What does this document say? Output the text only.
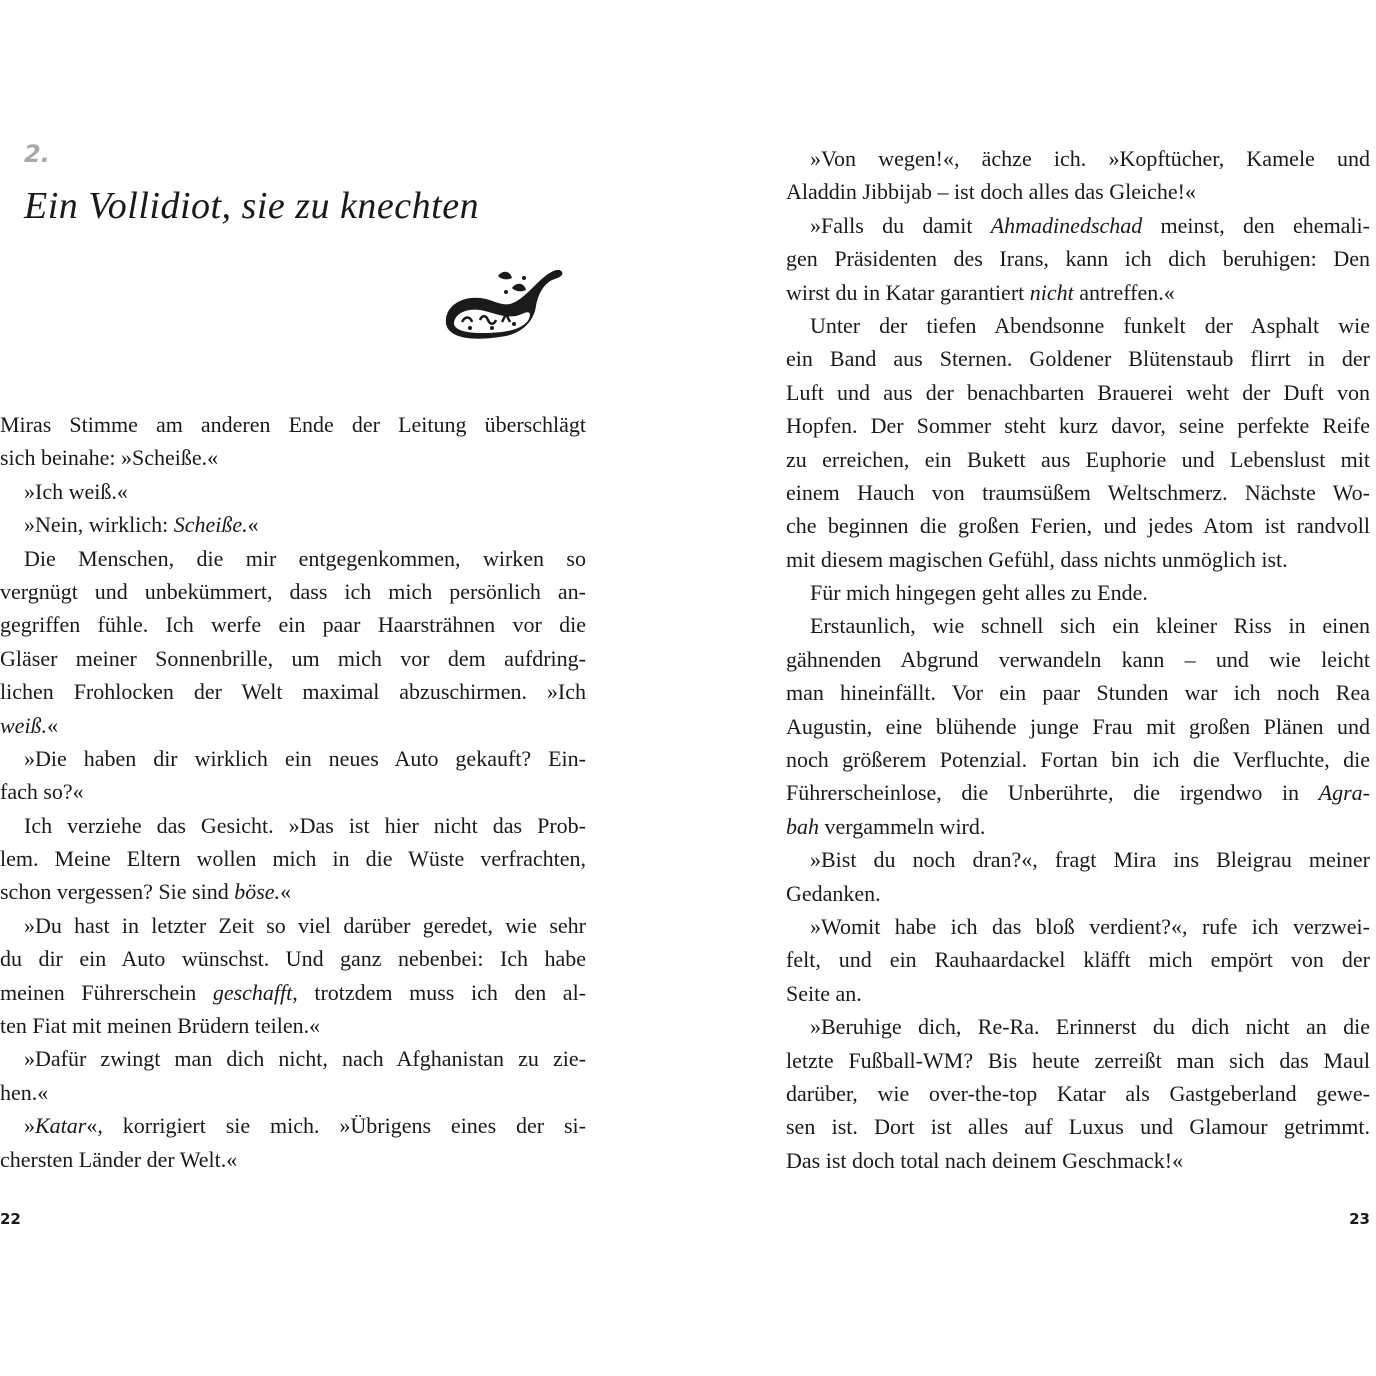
2.
Ein Vollidiot, sie zu knechten
Miras Stimme am anderen Ende der Leitung überschlägt
sich beinahe: »Scheiße.«
»Ich weiß.«
»Nein, wirklich: Scheiße.«
Die Menschen, die mir entgegenkommen, wirken so
vergnügt und unbekümmert, dass ich mich persönlich an-
gegriffen fühle. Ich werfe ein paar Haarsträhnen vor die
Gläser meiner Sonnenbrille, um mich vor dem aufdring-
lichen Frohlocken der Welt maximal abzuschirmen. »Ich
weiß.«
»Die haben dir wirklich ein neues Auto gekauft? Ein-
fach so?«
Ich verziehe das Gesicht. »Das ist hier nicht das Prob-
lem. Meine Eltern wollen mich in die Wüste verfrachten,
schon vergessen? Sie sind böse.«
»Du hast in letzter Zeit so viel darüber geredet, wie sehr
du dir ein Auto wünschst. Und ganz nebenbei: Ich habe
meinen Führerschein geschafft, trotzdem muss ich den al-
ten Fiat mit meinen Brüdern teilen.«
»Dafür zwingt man dich nicht, nach Afghanistan zu zie-
hen.«
»Katar«, korrigiert sie mich. »Übrigens eines der si-
chersten Länder der Welt.«
22
»Von wegen!«, ächze ich. »Kopftücher, Kamele und
Aladdin Jibbijab – ist doch alles das Gleiche!«
»Falls du damit Ahmadinedschad meinst, den ehemali-
gen Präsidenten des Irans, kann ich dich beruhigen: Den
wirst du in Katar garantiert nicht antreffen.«
Unter der tiefen Abendsonne funkelt der Asphalt wie
ein Band aus Sternen. Goldener Blütenstaub flirrt in der
Luft und aus der benachbarten Brauerei weht der Duft von
Hopfen. Der Sommer steht kurz davor, seine perfekte Reife
zu erreichen, ein Bukett aus Euphorie und Lebenslust mit
einem Hauch von traumsüßem Weltschmerz. Nächste Wo-
che beginnen die großen Ferien, und jedes Atom ist randvoll
mit diesem magischen Gefühl, dass nichts unmöglich ist.
Für mich hingegen geht alles zu Ende.
Erstaunlich, wie schnell sich ein kleiner Riss in einen
gähnenden Abgrund verwandeln kann – und wie leicht
man hineinfällt. Vor ein paar Stunden war ich noch Rea
Augustin, eine blühende junge Frau mit großen Plänen und
noch größerem Potenzial. Fortan bin ich die Verfluchte, die
Führerscheinlose, die Unberührte, die irgendwo in Agra-
bah vergammeln wird.
»Bist du noch dran?«, fragt Mira ins Bleigrau meiner
Gedanken.
»Womit habe ich das bloß verdient?«, rufe ich verzwei-
felt, und ein Rauhaardackel kläfft mich empört von der
Seite an.
»Beruhige dich, Re-Ra. Erinnerst du dich nicht an die
letzte Fußball-WM? Bis heute zerreißt man sich das Maul
darüber, wie over-the-top Katar als Gastgeberland gewe-
sen ist. Dort ist alles auf Luxus und Glamour getrimmt.
Das ist doch total nach deinem Geschmack!«
23
